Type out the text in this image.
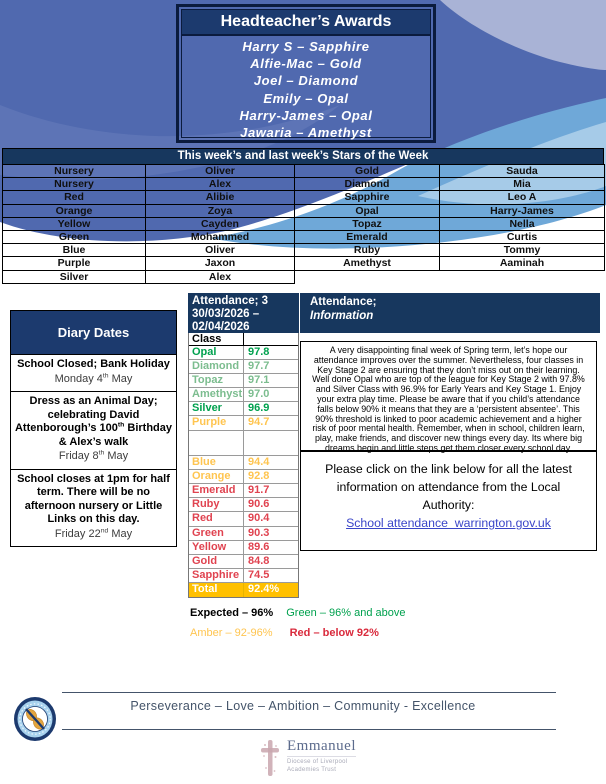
Headteacher’s Awards
Harry S – Sapphire
Alfie-Mac – Gold
Joel – Diamond
Emily – Opal
Harry-James – Opal
Jawaria – Amethyst
This week’s and last week’s Stars of the Week
Nursery	Oliver	Gold	Sauda
Nursery	Alex	Diamond	Mia
Red	Alibie	Sapphire	Leo A
Orange	Zoya	Opal	Harry-James
Yellow	Cayden	Topaz	Nella
Green	Mohammed	Emerald	Curtis
Blue	Oliver	Ruby	Tommy
Purple	Jaxon	Amethyst	Aaminah
Silver	Alex		
Diary Dates
School Closed; Bank Holiday
Monday 4th May
Dress as an Animal Day; celebrating David Attenborough’s 100th Birthday & Alex’s walk
Friday 8th May
School closes at 1pm for half term. There will be no afternoon nursery or Little Links on this day.
Friday 22nd May
Attendance; 3
30/03/2026 –
02/04/2026
Class
Opal	97.8
Diamond 97.7
Topaz	97.1
Amethyst 97.0
Silver	96.9
Purple	94.7
Blue	94.4
Orange	92.8
Emerald	91.7
Ruby	90.6
Red	90.4
Green	90.3
Yellow	89.6
Gold	84.8
Sapphire 74.5
Total	92.4%
Attendance;
Information
A very disappointing final week of Spring term, let’s hope our attendance improves over the summer. Nevertheless, four classes in Key Stage 2 are ensuring that they don’t miss out on their learning. Well done Opal who are top of the league for Key Stage 2 with 97.8% and Silver Class with 96.9% for Early Years and Key Stage 1. Enjoy your extra play time. Please be aware that if you child’s attendance falls below 90% it means that they are a ‘persistent absentee’. This 90% threshold is linked to poor academic achievement and a higher risk of poor mental health. Remember, when in school, children learn, play, make friends, and discover new things every day. Its where big dreams begin and little steps get them closer every school day.
Please click on the link below for all the latest information on attendance from the Local Authority:
School attendance  warrington.gov.uk
Expected – 96% Green – 96% and above
Amber – 92-96% Red – below 92%
Perseverance – Love – Ambition – Community - Excellence
Emmanuel
Diocese of Liverpool
Academies Trust
